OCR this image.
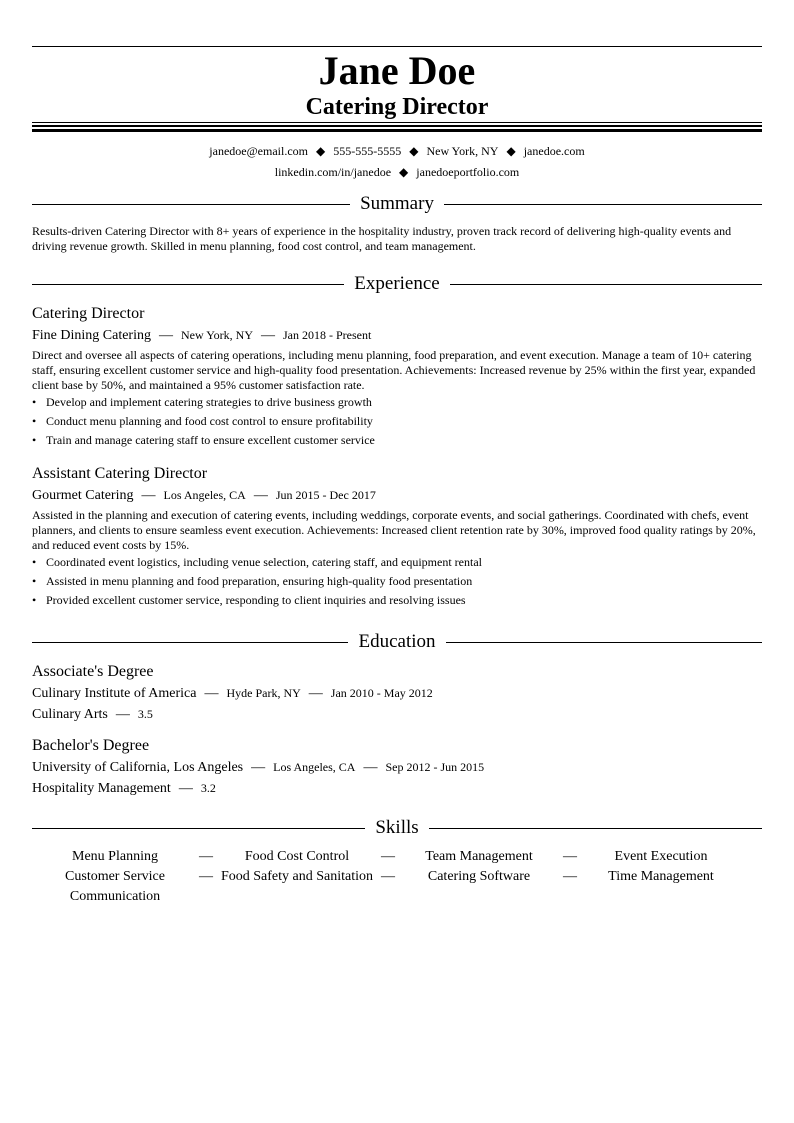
Jane Doe
Catering Director
janedoe@email.com ◆ 555-555-5555 ◆ New York, NY ◆ janedoe.com
linkedin.com/in/janedoe ◆ janedoeportfolio.com
Summary
Results-driven Catering Director with 8+ years of experience in the hospitality industry, proven track record of delivering high-quality events and driving revenue growth. Skilled in menu planning, food cost control, and team management.
Experience
Catering Director
Fine Dining Catering — New York, NY — Jan 2018 - Present
Direct and oversee all aspects of catering operations, including menu planning, food preparation, and event execution. Manage a team of 10+ catering staff, ensuring excellent customer service and high-quality food presentation. Achievements: Increased revenue by 25% within the first year, expanded client base by 50%, and maintained a 95% customer satisfaction rate.
• Develop and implement catering strategies to drive business growth
• Conduct menu planning and food cost control to ensure profitability
• Train and manage catering staff to ensure excellent customer service
Assistant Catering Director
Gourmet Catering — Los Angeles, CA — Jun 2015 - Dec 2017
Assisted in the planning and execution of catering events, including weddings, corporate events, and social gatherings. Coordinated with chefs, event planners, and clients to ensure seamless event execution. Achievements: Increased client retention rate by 30%, improved food quality ratings by 20%, and reduced event costs by 15%.
• Coordinated event logistics, including venue selection, catering staff, and equipment rental
• Assisted in menu planning and food preparation, ensuring high-quality food presentation
• Provided excellent customer service, responding to client inquiries and resolving issues
Education
Associate's Degree
Culinary Institute of America — Hyde Park, NY — Jan 2010 - May 2012
Culinary Arts — 3.5
Bachelor's Degree
University of California, Los Angeles — Los Angeles, CA — Sep 2012 - Jun 2015
Hospitality Management — 3.2
Skills
Menu Planning	—	Food Cost Control	—	Team Management	—	Event Execution
Customer Service	— Food Safety and Sanitation —	Catering Software	—	Time Management
Communication
